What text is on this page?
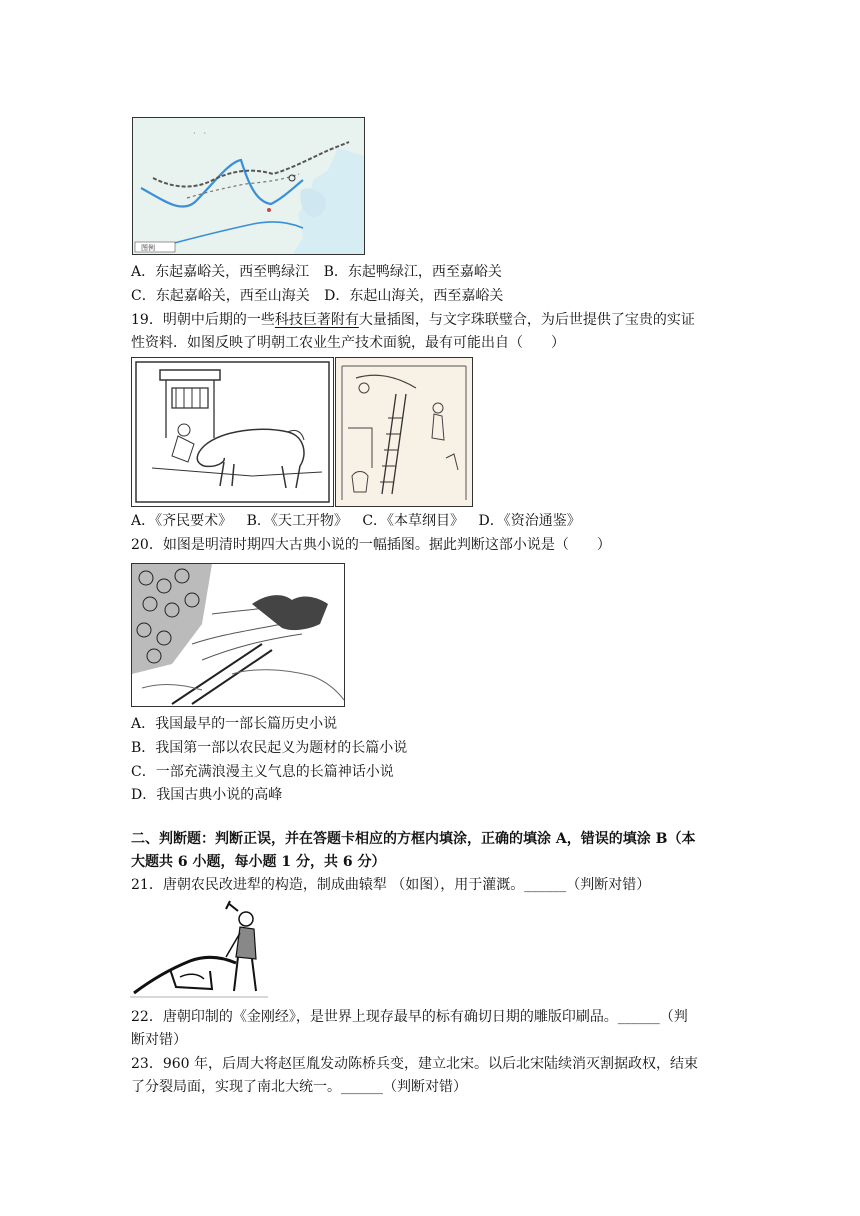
·　·
图例
A．东起嘉峪关，西至鸭绿江 B．东起鸭绿江，西至嘉峪关
C．东起嘉峪关，西至山海关 D．东起山海关，西至嘉峪关
19．明朝中后期的一些科技巨著附有大量插图，与文字珠联璧合，为后世提供了宝贵的实证
性资料．如图反映了明朝工农业生产技术面貌，最有可能出自（　　）
A．《齐民要术》 B．《天工开物》 C．《本草纲目》 D．《资治通鉴》
20．如图是明清时期四大古典小说的一幅插图。据此判断这部小说是（　　）
A．我国最早的一部长篇历史小说
B．我国第一部以农民起义为题材的长篇小说
C．一部充满浪漫主义气息的长篇神话小说
D．我国古典小说的高峰
二、判断题：判断正误，并在答题卡相应的方框内填涂，正确的填涂 A，错误的填涂 B（本
大题共 6 小题，每小题 1 分，共 6 分）
21．唐朝农民改进犁的构造，制成曲辕犁 （如图），用于灌溉。______（判断对错）
22．唐朝印制的《金刚经》，是世界上现存最早的标有确切日期的雕版印刷品。______（判
断对错）
23．960 年，后周大将赵匡胤发动陈桥兵变，建立北宋。以后北宋陆续消灭割据政权，结束
了分裂局面，实现了南北大统一。______（判断对错）
